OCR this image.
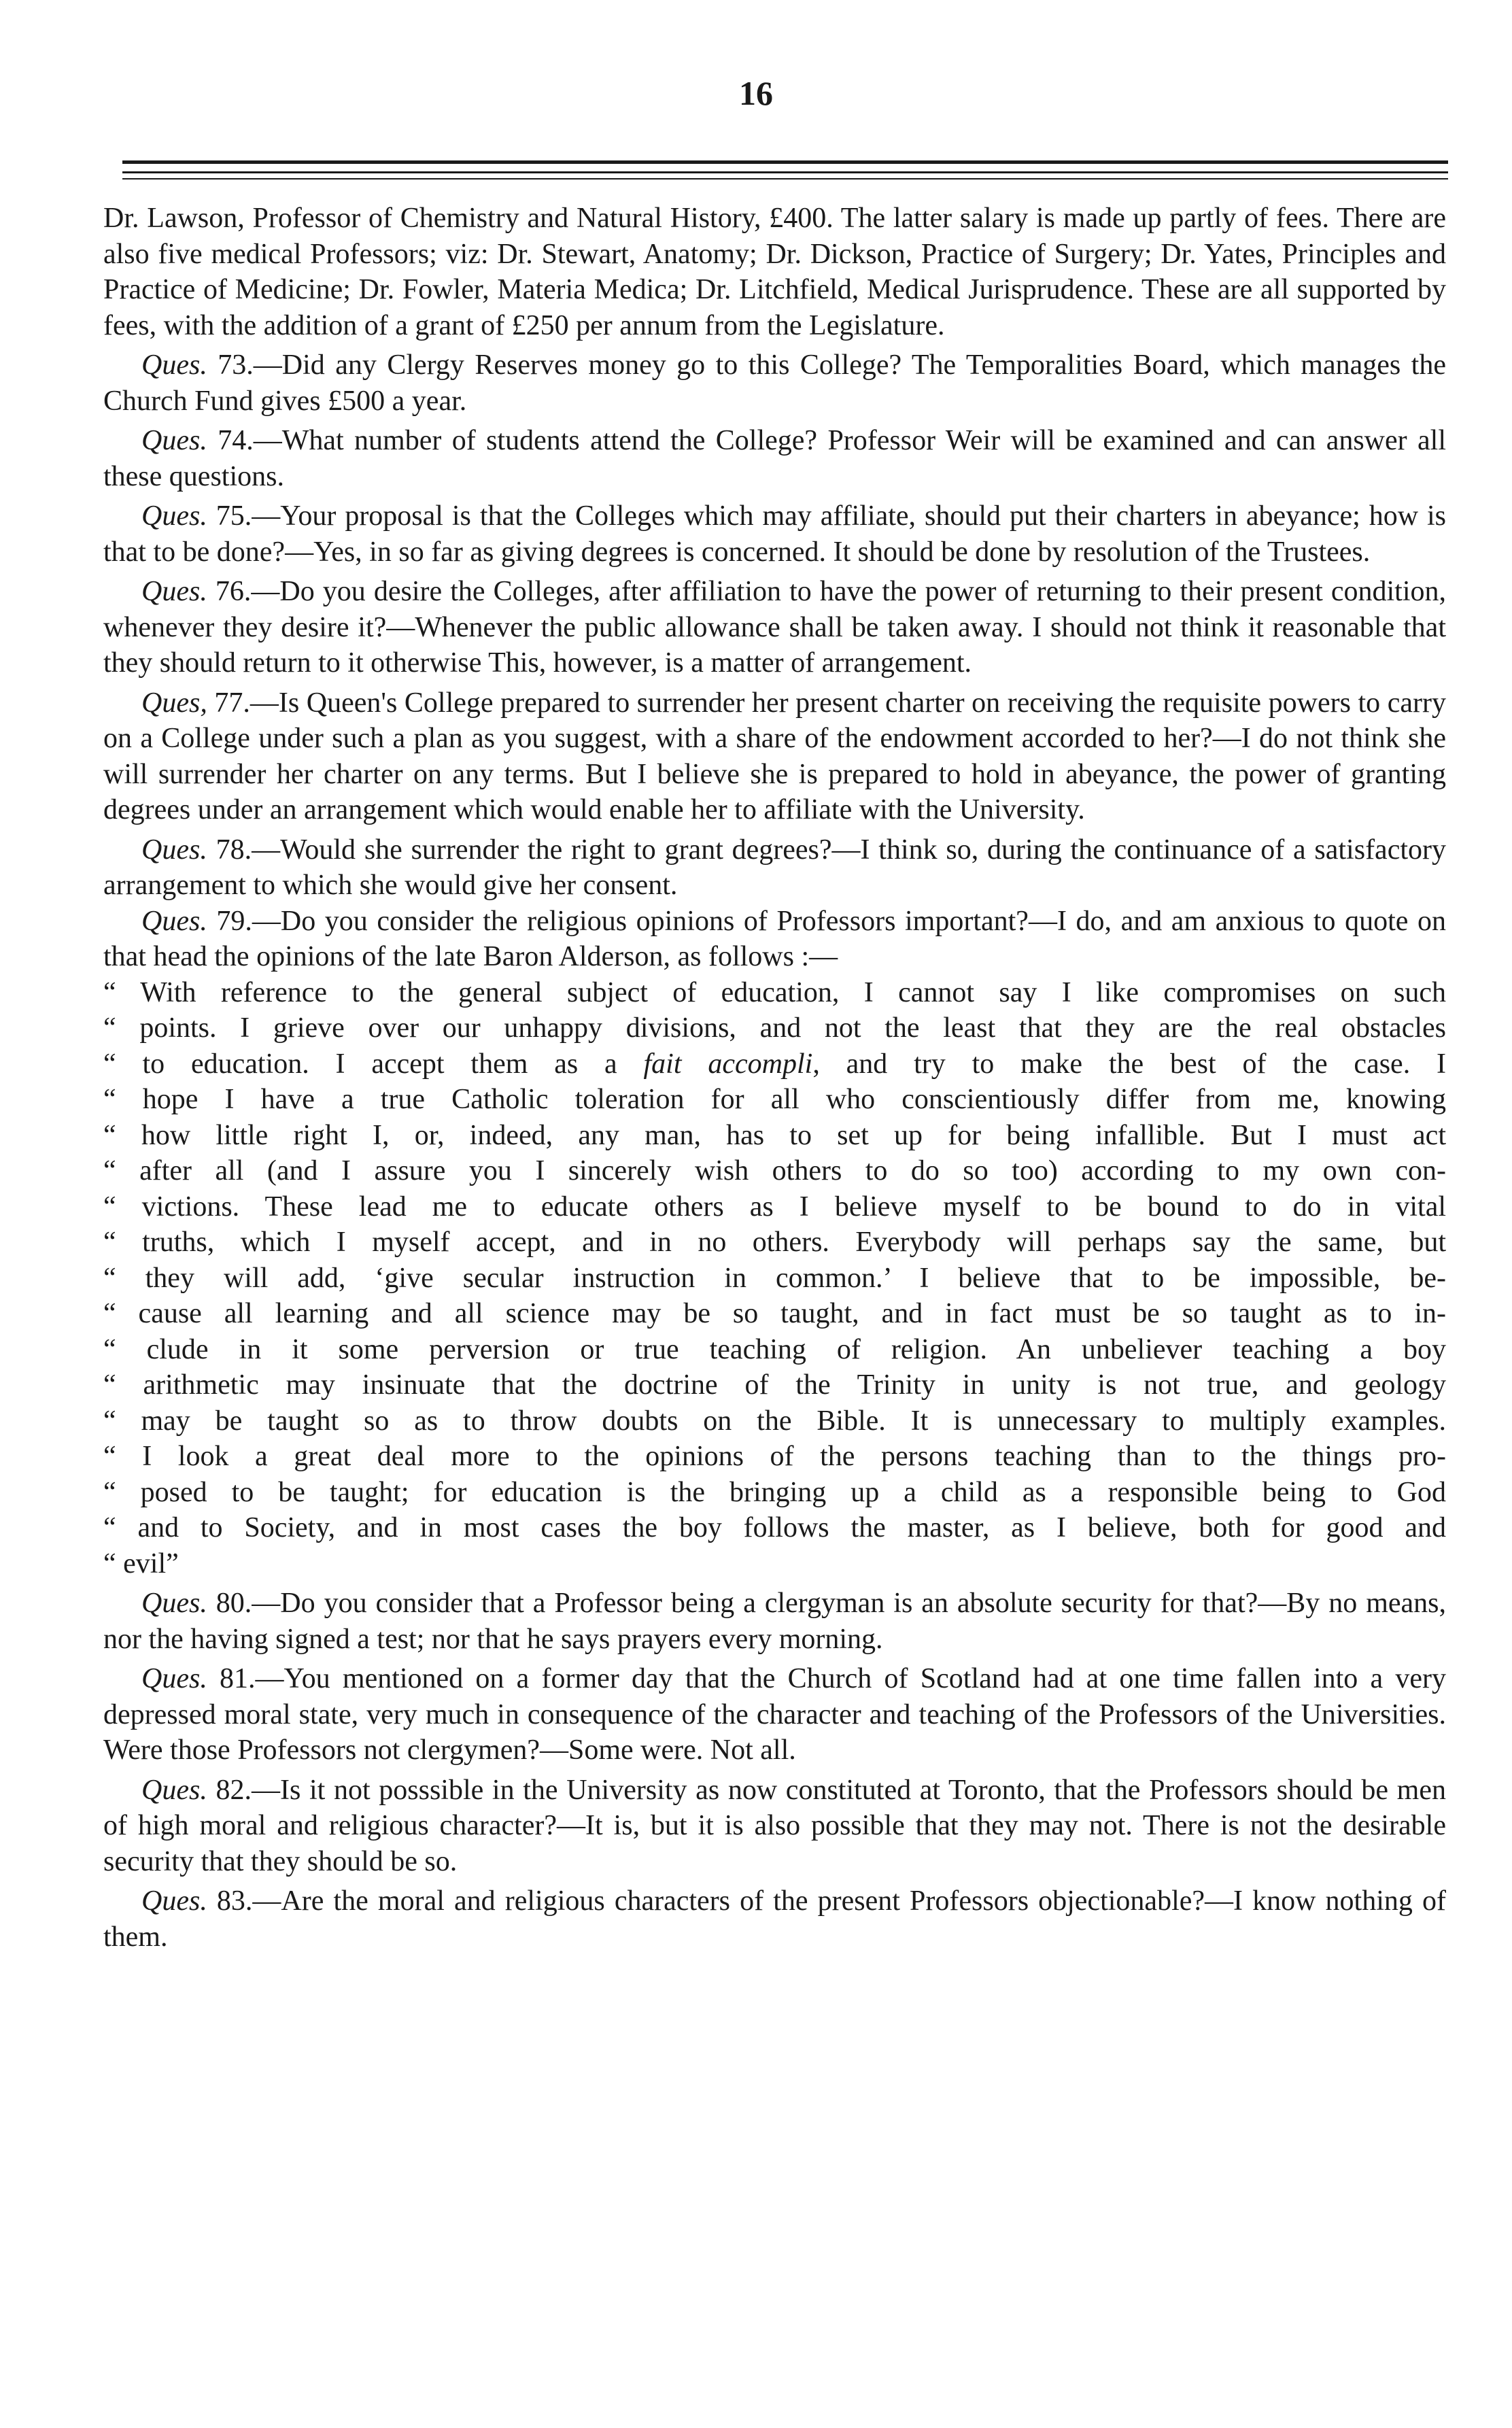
16

Dr. Lawson, Professor of Chemistry and Natural History, £400. The latter salary is made up partly of fees. There are also five medical Professors; viz: Dr. Stewart, Anatomy; Dr. Dickson, Practice of Surgery; Dr. Yates, Principles and Practice of Medicine; Dr. Fowler, Materia Medica; Dr. Litchfield, Medical Jurisprudence. These are all supported by fees, with the addition of a grant of £250 per annum from the Legislature.

Ques. 73.—Did any Clergy Reserves money go to this College? The Temporalities Board, which manages the Church Fund gives £500 a year.

Ques. 74.—What number of students attend the College? Professor Weir will be examined and can answer all these questions.

Ques. 75.—Your proposal is that the Colleges which may affiliate, should put their charters in abeyance; how is that to be done?—Yes, in so far as giving degrees is concerned. It should be done by resolution of the Trustees.

Ques. 76.—Do you desire the Colleges, after affiliation to have the power of returning to their present condition, whenever they desire it?—Whenever the public allowance shall be taken away. I should not think it reasonable that they should return to it otherwise This, however, is a matter of arrangement.

Ques, 77.—Is Queen's College prepared to surrender her present charter on receiving the requisite powers to carry on a College under such a plan as you suggest, with a share of the endowment accorded to her?—I do not think she will surrender her charter on any terms. But I believe she is prepared to hold in abeyance, the power of granting degrees under an arrangement which would enable her to affiliate with the University.

Ques. 78.—Would she surrender the right to grant degrees?—I think so, during the continuance of a satisfactory arrangement to which she would give her consent.

Ques. 79.—Do you consider the religious opinions of Professors important?—I do, and am anxious to quote on that head the opinions of the late Baron Alderson, as follows :—

“ With reference to the general subject of education, I cannot say I like compromises on such
“ points. I grieve over our unhappy divisions, and not the least that they are the real obstacles
“ to education. I accept them as a fait accompli, and try to make the best of the case. I
“ hope I have a true Catholic toleration for all who conscientiously differ from me, knowing
“ how little right I, or, indeed, any man, has to set up for being infallible. But I must act
“ after all (and I assure you I sincerely wish others to do so too) according to my own con-
“ victions. These lead me to educate others as I believe myself to be bound to do in vital
“ truths, which I myself accept, and in no others. Everybody will perhaps say the same, but
“ they will add, ‘give secular instruction in common.’ I believe that to be impossible, be-
“ cause all learning and all science may be so taught, and in fact must be so taught as to in-
“ clude in it some perversion or true teaching of religion. An unbeliever teaching a boy
“ arithmetic may insinuate that the doctrine of the Trinity in unity is not true, and geology
“ may be taught so as to throw doubts on the Bible. It is unnecessary to multiply examples.
“ I look a great deal more to the opinions of the persons teaching than to the things pro-
“ posed to be taught; for education is the bringing up a child as a responsible being to God
“ and to Society, and in most cases the boy follows the master, as I believe, both for good and
“ evil”

Ques. 80.—Do you consider that a Professor being a clergyman is an absolute security for that?—By no means, nor the having signed a test; nor that he says prayers every morning.

Ques. 81.—You mentioned on a former day that the Church of Scotland had at one time fallen into a very depressed moral state, very much in consequence of the character and teaching of the Professors of the Universities. Were those Professors not clergymen?—Some were. Not all.

Ques. 82.—Is it not posssible in the University as now constituted at Toronto, that the Professors should be men of high moral and religious character?—It is, but it is also possible that they may not. There is not the desirable security that they should be so.

Ques. 83.—Are the moral and religious characters of the present Professors objectionable?—I know nothing of them.
